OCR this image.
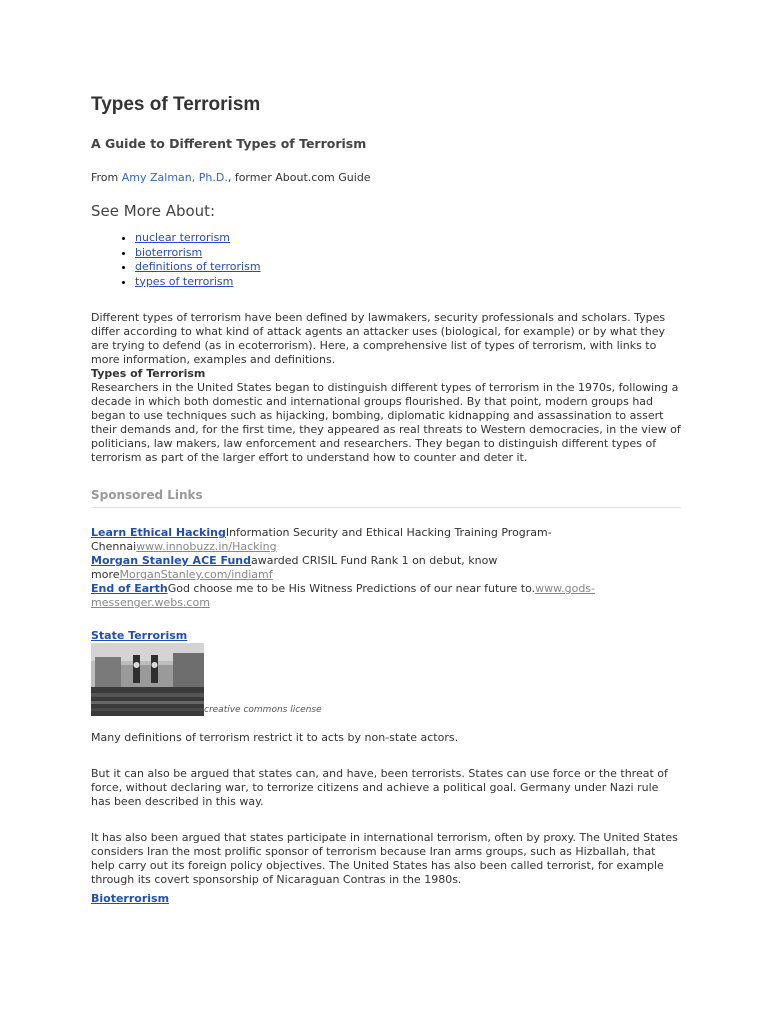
Types of Terrorism
A Guide to Different Types of Terrorism
From Amy Zalman, Ph.D., former About.com Guide
See More About:
• nuclear terrorism
• bioterrorism
• definitions of terrorism
• types of terrorism
Different types of terrorism have been defined by lawmakers, security professionals and scholars. Types differ according to what kind of attack agents an attacker uses (biological, for example) or by what they are trying to defend (as in ecoterrorism). Here, a comprehensive list of types of terrorism, with links to more information, examples and definitions.
Types of Terrorism
Researchers in the United States began to distinguish different types of terrorism in the 1970s, following a decade in which both domestic and international groups flourished. By that point, modern groups had began to use techniques such as hijacking, bombing, diplomatic kidnapping and assassination to assert their demands and, for the first time, they appeared as real threats to Western democracies, in the view of politicians, law makers, law enforcement and researchers. They began to distinguish different types of terrorism as part of the larger effort to understand how to counter and deter it.
Sponsored Links
Learn Ethical HackingInformation Security and Ethical Hacking Training Program-Chennaiwww.innobuzz.in/Hacking
Morgan Stanley ACE Fundawarded CRISIL Fund Rank 1 on debut, know moreMorganStanley.com/indiamf
End of EarthGod choose me to be His Witness Predictions of our near future to.www.gods-messenger.webs.com
State Terrorism
creative commons license

Many definitions of terrorism restrict it to acts by non-state actors.

But it can also be argued that states can, and have, been terrorists. States can use force or the threat of force, without declaring war, to terrorize citizens and achieve a political goal. Germany under Nazi rule has been described in this way.

It has also been argued that states participate in international terrorism, often by proxy. The United States considers Iran the most prolific sponsor of terrorism because Iran arms groups, such as Hizballah, that help carry out its foreign policy objectives. The United States has also been called terrorist, for example through its covert sponsorship of Nicaraguan Contras in the 1980s.

Bioterrorism
